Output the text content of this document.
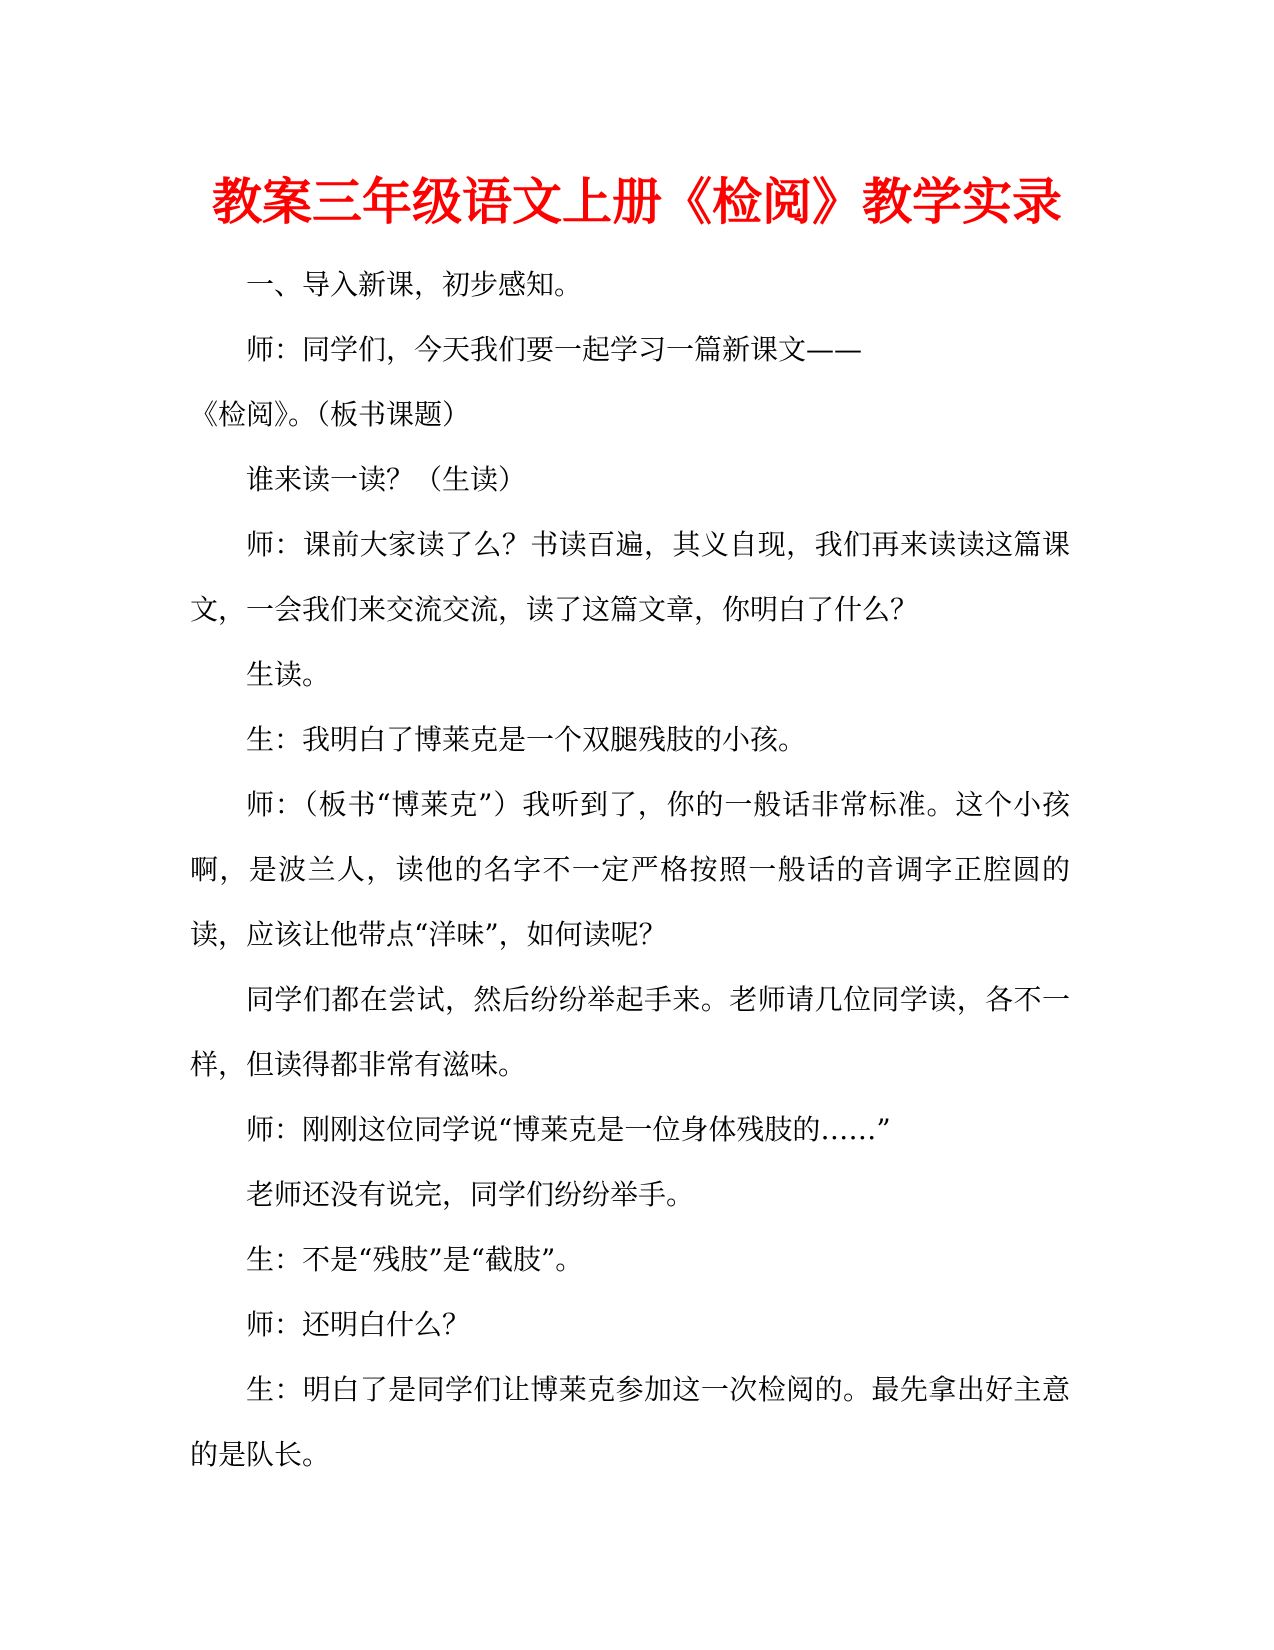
教案三年级语文上册《检阅》教学实录

一、导入新课，初步感知。

师：同学们，今天我们要一起学习一篇新课文——

《检阅》。（板书课题）

谁来读一读？（生读）

师：课前大家读了么？书读百遍，其义自现，我们再来读读这篇课文，一会我们来交流交流，读了这篇文章，你明白了什么？

生读。

生：我明白了博莱克是一个双腿残肢的小孩。

师：（板书“博莱克”）我听到了，你的一般话非常标准。这个小孩啊，是波兰人，读他的名字不一定严格按照一般话的音调字正腔圆的读，应该让他带点“洋味”，如何读呢？

同学们都在尝试，然后纷纷举起手来。老师请几位同学读，各不一样，但读得都非常有滋味。

师：刚刚这位同学说“博莱克是一位身体残肢的……”

老师还没有说完，同学们纷纷举手。

生：不是“残肢”是“截肢”。

师：还明白什么？

生：明白了是同学们让博莱克参加这一次检阅的。最先拿出好主意的是队长。
